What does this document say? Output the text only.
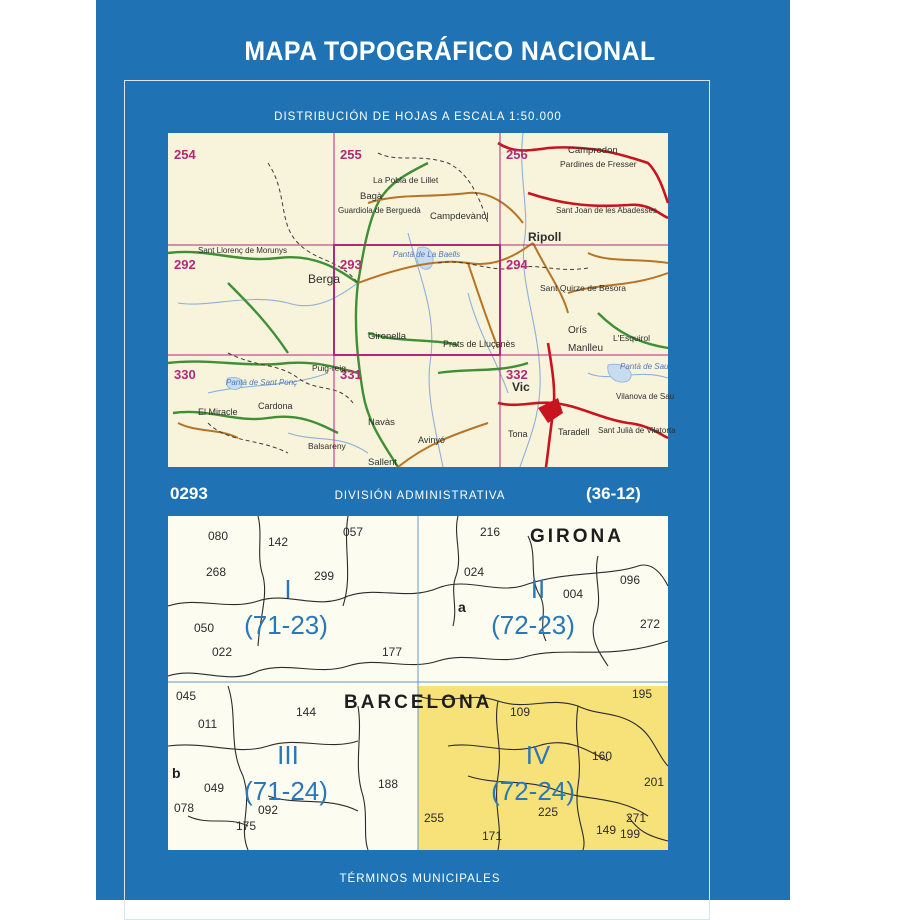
MAPA TOPOGRÁFICO NACIONAL
DISTRIBUCIÓN DE HOJAS A ESCALA 1:50.000
254	255	256
292	293	294
330	331	332
Camprodon
Pardines de Fresser
La Pobla de Lillet
Bagà
Guardiola de Berguedà
Campdevànol
Sant Joan de les Abadesses
Ripoll
Sant Llorenç de Morunys
Berga
Pantà de La Baells
Sant Quirze de Besora
Orís
Gironella
Prats de Lluçanès	Manlleu
L'Esquirol
Navàs
Puig-reig
Cardona
Pantà de Sant Ponç
Pantà de Sau
Vic
Tona	Taradell Sant Julià de Vilatorta
Vilanova de Sau
El Miracle
Balsareny
Avinyó
Sallent
0293	DIVISIÓN ADMINISTRATIVA	(36-12)
GIRONA
BARCELONA
I
(71-23)
II
(72-23)
III
(71-24)
IV
(72-24)
080	142
057	216
268	299	024
004
096
050
022	177
272
045
011
144	109
195
160
188	201
049
078	092
175
255
171
225	271
149 199
a
b
TÉRMINOS MUNICIPALES
